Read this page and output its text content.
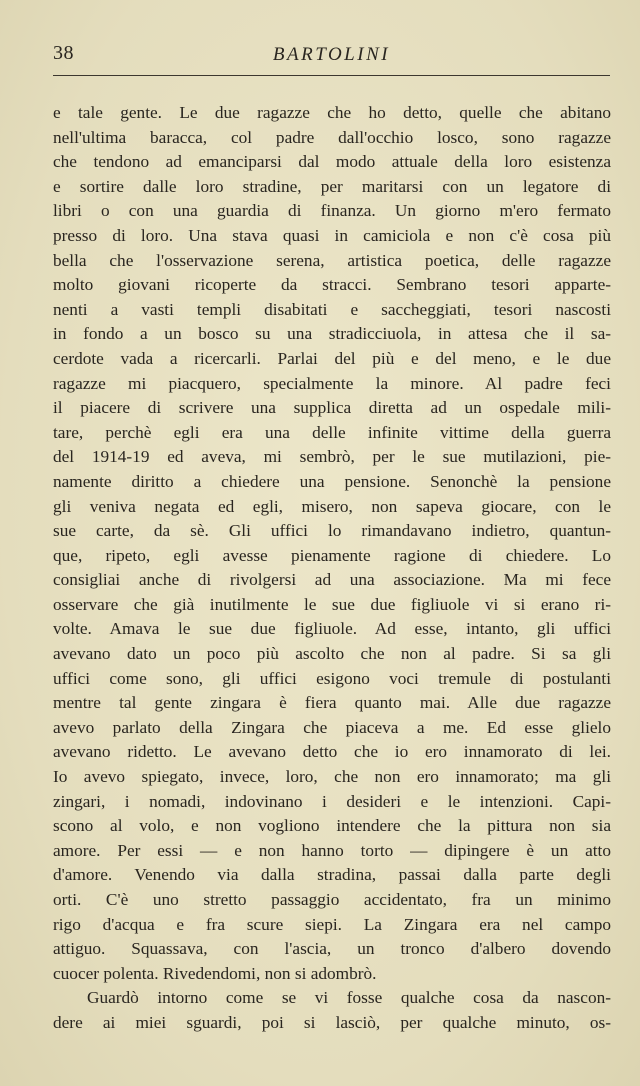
38	BARTOLINI
e tale gente. Le due ragazze che ho detto, quelle che abitano
nell'ultima baracca, col padre dall'occhio losco, sono ragazze
che tendono ad emanciparsi dal modo attuale della loro esistenza
e sortire dalle loro stradine, per maritarsi con un legatore di
libri o con una guardia di finanza. Un giorno m'ero fermato
presso di loro. Una stava quasi in camiciola e non c'è cosa più
bella che l'osservazione serena, artistica poetica, delle ragazze
molto giovani ricoperte da stracci. Sembrano tesori apparte-
nenti a vasti templi disabitati e saccheggiati, tesori nascosti
in fondo a un bosco su una stradicciuola, in attesa che il sa-
cerdote vada a ricercarli. Parlai del più e del meno, e le due
ragazze mi piacquero, specialmente la minore. Al padre feci
il piacere di scrivere una supplica diretta ad un ospedale mili-
tare, perchè egli era una delle infinite vittime della guerra
del 1914-19 ed aveva, mi sembrò, per le sue mutilazioni, pie-
namente diritto a chiedere una pensione. Senonchè la pensione
gli veniva negata ed egli, misero, non sapeva giocare, con le
sue carte, da sè. Gli uffici lo rimandavano indietro, quantun-
que, ripeto, egli avesse pienamente ragione di chiedere. Lo
consigliai anche di rivolgersi ad una associazione. Ma mi fece
osservare che già inutilmente le sue due figliuole vi si erano ri-
volte. Amava le sue due figliuole. Ad esse, intanto, gli uffici
avevano dato un poco più ascolto che non al padre. Si sa gli
uffici come sono, gli uffici esigono voci tremule di postulanti
mentre tal gente zingara è fiera quanto mai. Alle due ragazze
avevo parlato della Zingara che piaceva a me. Ed esse glielo
avevano ridetto. Le avevano detto che io ero innamorato di lei.
Io avevo spiegato, invece, loro, che non ero innamorato; ma gli
zingari, i nomadi, indovinano i desideri e le intenzioni. Capi-
scono al volo, e non vogliono intendere che la pittura non sia
amore. Per essi — e non hanno torto — dipingere è un atto
d'amore. Venendo via dalla stradina, passai dalla parte degli
orti. C'è uno stretto passaggio accidentato, fra un minimo
rigo d'acqua e fra scure siepi. La Zingara era nel campo
attiguo. Squassava, con l'ascia, un tronco d'albero dovendo
cuocer polenta. Rivedendomi, non si adombrò.
Guardò intorno come se vi fosse qualche cosa da nascon-
dere ai miei sguardi, poi si lasciò, per qualche minuto, os-
